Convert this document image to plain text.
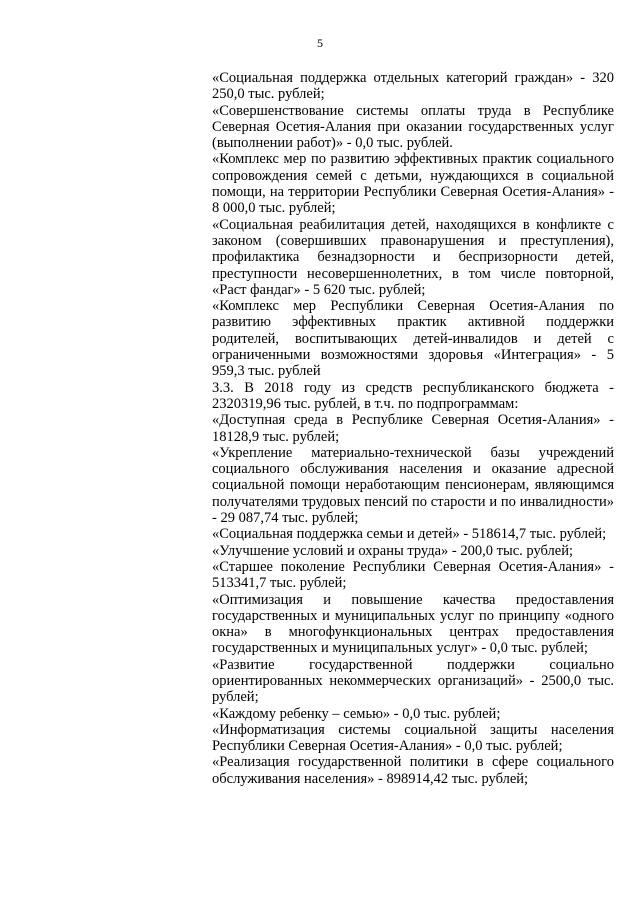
5

«Социальная поддержка отдельных категорий граждан» - 320 250,0 тыс. рублей;

«Совершенствование системы оплаты труда в Республике Северная Осетия-Алания при оказании государственных услуг (выполнении работ)» - 0,0 тыс. рублей.

«Комплекс мер по развитию эффективных практик социального сопровождения семей с детьми, нуждающихся в социальной помощи, на территории Республики Северная Осетия-Алания» - 8 000,0 тыс. рублей;

«Социальная реабилитация детей, находящихся в конфликте с законом (совершивших правонарушения и преступления), профилактика безнадзорности и беспризорности детей, преступности несовершеннолетних, в том числе повторной, «Раст фандаг» - 5 620 тыс. рублей;

«Комплекс мер Республики Северная Осетия-Алания по развитию эффективных практик активной поддержки родителей, воспитывающих детей-инвалидов и детей с ограниченными возможностями здоровья «Интеграция» - 5 959,3 тыс. рублей

3.3. В 2018 году из средств республиканского бюджета - 2320319,96 тыс. рублей, в т.ч. по подпрограммам:

«Доступная среда в Республике Северная Осетия-Алания» - 18128,9 тыс. рублей;

«Укрепление материально-технической базы учреждений социального обслуживания населения и оказание адресной социальной помощи неработающим пенсионерам, являющимся получателями трудовых пенсий по старости и по инвалидности» - 29 087,74 тыс. рублей;

«Социальная поддержка семьи и детей» - 518614,7 тыс. рублей;

«Улучшение условий и охраны труда» - 200,0 тыс. рублей;

«Старшее поколение Республики Северная Осетия-Алания» - 513341,7 тыс. рублей;

«Оптимизация и повышение качества предоставления государственных и муниципальных услуг по принципу «одного окна» в многофункциональных центрах предоставления государственных и муниципальных услуг» - 0,0 тыс. рублей;

«Развитие государственной поддержки социально ориентированных некоммерческих организаций» - 2500,0 тыс. рублей;

«Каждому ребенку – семью» - 0,0 тыс. рублей;

«Информатизация системы социальной защиты населения Республики Северная Осетия-Алания» - 0,0 тыс. рублей;

«Реализация государственной политики в сфере социального обслуживания населения» - 898914,42 тыс. рублей;
